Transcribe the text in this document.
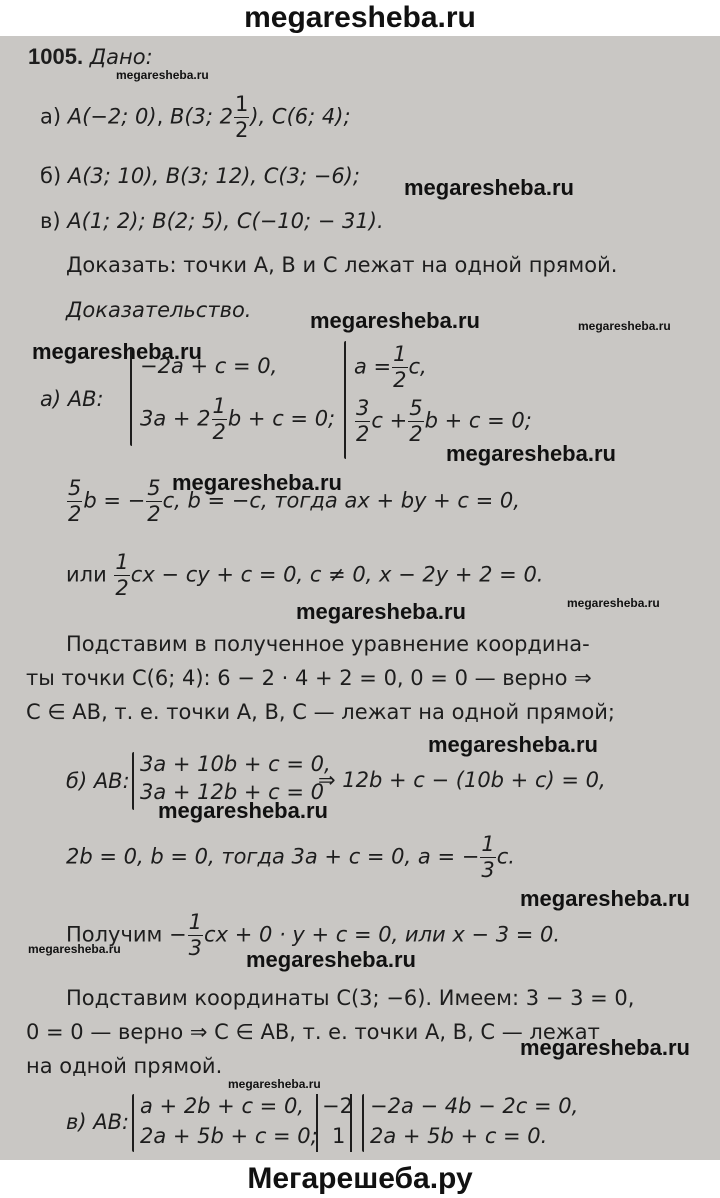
megaresheba.ru
megaresheba.ru
megaresheba.ru
megaresheba.ru	megaresheba.ru
megaresheba.ru
megaresheba.ru
megaresheba.ru
megaresheba.ru
megaresheba.ru
megaresheba.ru
megaresheba.ru
megaresheba.ru
megaresheba.ru	megaresheba.ru
megaresheba.ru
megaresheba.ru
1005. Дано:
а) A(−2; 0), B(3; $2 \frac{1}{2}$ ), C(6; 4);
б) A(3; 10), B(3; 12), C(3; −6);
в) A(1; 2); B(2; 5), C(−10; − 31).
Доказать: точки A, B и C лежат на одной прямой.
Доказательство.
а) AB:
−2a + c = 0,
$3a + 2 \frac{1}{2}$ b + c = 0;
$a = \frac{1}{2} c$,
$\frac{3}{2}$ $c + \frac{5}{2}$ b + c = 0;
$\frac{5}{2}$ b = − $\frac{5}{2} c$, b = −c, тогда ax + by + c = 0,
или $\frac{1}{2}$ cx − cy + c = 0, c ≠ 0, x − 2y + 2 = 0.
Подставим в полученное уравнение координа-
ты точки C(6; 4): 6 − 2 · 4 + 2 = 0, 0 = 0 — верно ⇒
C ∈ AB, т. е. точки A, B, C — лежат на одной прямой;
б) AB:
3a + 10b + c = 0,
3a + 12b + c = 0
⇒ 12b + c − (10b + c) = 0,
2b = 0, b = 0, тогда 3a + c = 0, a = − $\frac{1}{3} c$.
Получим − $\frac{1}{3}$ cx + 0 · y + c = 0, или x − 3 = 0.
Подставим координаты C(3; −6). Имеем: 3 − 3 = 0,
0 = 0 — верно ⇒ C ∈ AB, т. е. точки A, B, C — лежат
на одной прямой.
в) AB:
a + 2b + c = 0,
2a + 5b + c = 0;
−2
1
−2a − 4b − 2c = 0,
2a + 5b + c = 0.
Мегарешеба.ру
